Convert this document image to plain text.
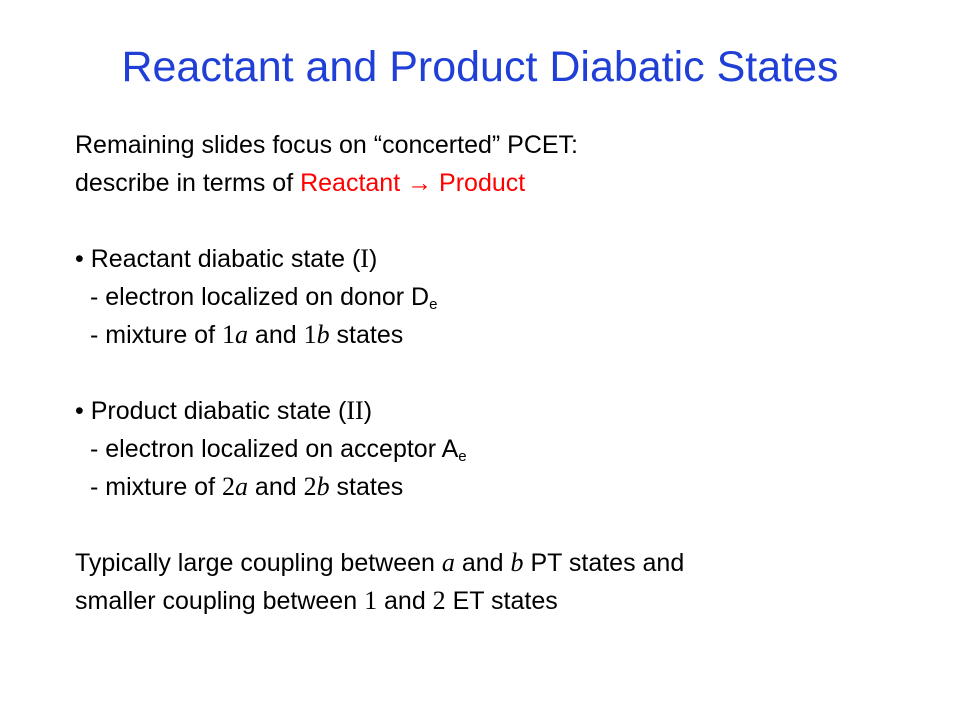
Reactant and Product Diabatic States
Remaining slides focus on “concerted” PCET:
describe in terms of Reactant → Product
• Reactant diabatic state (I)
- electron localized on donor $D_e$
- mixture of 1a and 1b states
• Product diabatic state (II)
- electron localized on acceptor $A_e$
- mixture of 2a and 2b states
Typically large coupling between a and b PT states and
smaller coupling between 1 and 2 ET states
